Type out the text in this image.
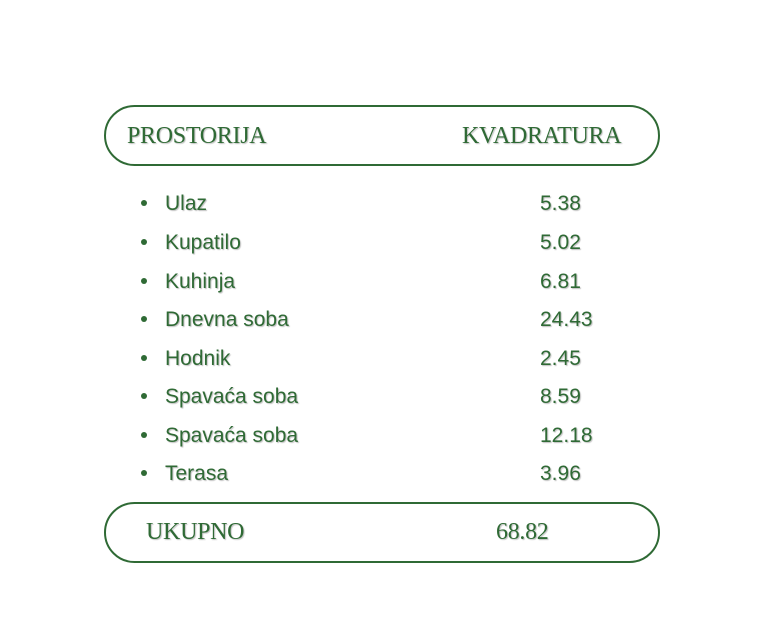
PROSTORIJA	KVADRATURA
Ulaz	5.38
Kupatilo	5.02
Kuhinja	6.81
Dnevna soba	24.43
Hodnik	2.45
Spavaća soba	8.59
Spavaća soba	12.18
Terasa	3.96
UKUPNO	68.82
